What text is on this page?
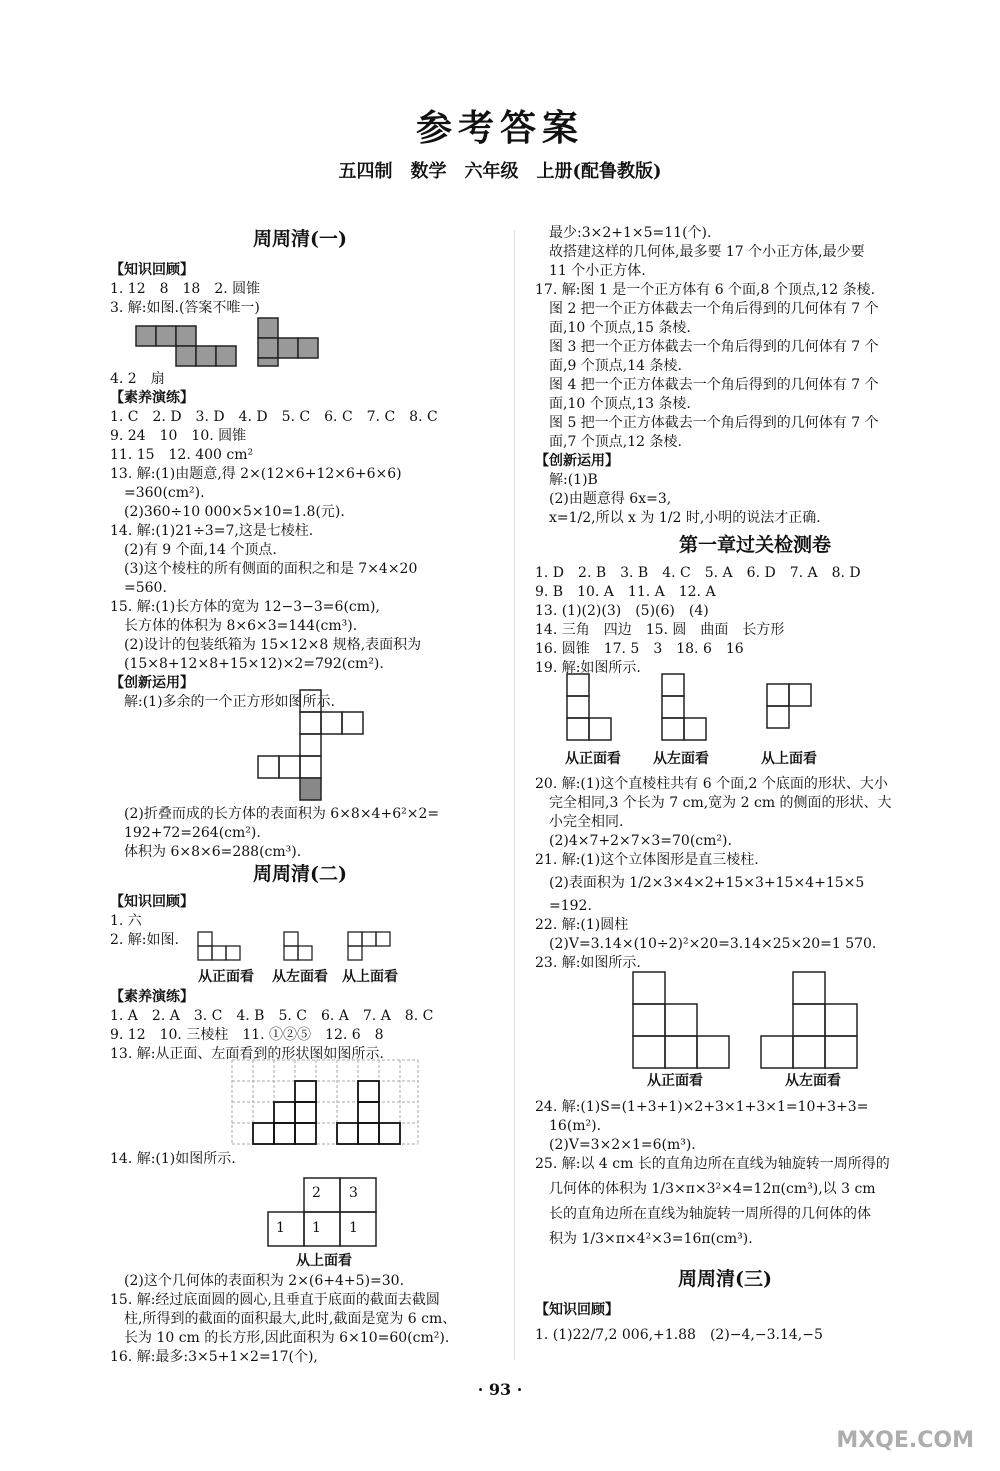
参考答案
五四制　数学　六年级　上册(配鲁教版)
周周清(一)
【知识回顾】
1. 12　8　18　2. 圆锥
3. 解:如图.(答案不唯一)
4. 2　扇
【素养演练】
1. C　2. D　3. D　4. D　5. C　6. C　7. C　8. C
9. 24　10　10. 圆锥
11. 15　12. 400 cm²
13. 解:(1)由题意,得 2×(12×6+12×6+6×6)
=360(cm²).
(2)360÷10 000×5×10=1.8(元).
14. 解:(1)21÷3=7,这是七棱柱.
(2)有 9 个面,14 个顶点.
(3)这个棱柱的所有侧面的面积之和是 7×4×20
=560.
15. 解:(1)长方体的宽为 12−3−3=6(cm),
长方体的体积为 8×6×3=144(cm³).
(2)设计的包装纸箱为 15×12×8 规格,表面积为
(15×8+12×8+15×12)×2=792(cm²).
【创新运用】
解:(1)多余的一个正方形如图所示.
(2)折叠而成的长方体的表面积为 6×8×4+6²×2=
192+72=264(cm²).
体积为 6×8×6=288(cm³).
周周清(二)
【知识回顾】
1. 六
2. 解:如图.
从正面看 从左面看 从上面看
【素养演练】
1. A　2. A　3. C　4. B　5. C　6. A　7. A　8. C
9. 12　10. 三棱柱　11. ①②⑤　12. 6　8
13. 解:从正面、左面看到的形状图如图所示.
14. 解:(1)如图所示.
2 3
1 1 1
从上面看
(2)这个几何体的表面积为 2×(6+4+5)=30.
15. 解:经过底面圆的圆心,且垂直于底面的截面去截圆
柱,所得到的截面的面积最大,此时,截面是宽为 6 cm、
长为 10 cm 的长方形,因此面积为 6×10=60(cm²).
16. 解:最多:3×5+1×2=17(个),
最少:3×2+1×5=11(个).
故搭建这样的几何体,最多要 17 个小正方体,最少要
11 个小正方体.
17. 解:图 1 是一个正方体有 6 个面,8 个顶点,12 条棱.
图 2 把一个正方体截去一个角后得到的几何体有 7 个
面,10 个顶点,15 条棱.
图 3 把一个正方体截去一个角后得到的几何体有 7 个
面,9 个顶点,14 条棱.
图 4 把一个正方体截去一个角后得到的几何体有 7 个
面,10 个顶点,13 条棱.
图 5 把一个正方体截去一个角后得到的几何体有 7 个
面,7 个顶点,12 条棱.
【创新运用】
解:(1)B
(2)由题意得 6x=3,
x=1/2,所以 x 为 1/2 时,小明的说法才正确.
第一章过关检测卷
1. D　2. B　3. B　4. C　5. A　6. D　7. A　8. D
9. B　10. A　11. A　12. A
13. (1)(2)(3)　(5)(6)　(4)
14. 三角　四边　15. 圆　曲面　长方形
16. 圆锥　17. 5　3　18. 6　16
19. 解:如图所示.
从正面看 从左面看	从上面看
20. 解:(1)这个直棱柱共有 6 个面,2 个底面的形状、大小
完全相同,3 个长为 7 cm,宽为 2 cm 的侧面的形状、大
小完全相同.
(2)4×7+2×7×3=70(cm²).
21. 解:(1)这个立体图形是直三棱柱.
(2)表面积为 1/2×3×4×2+15×3+15×4+15×5
=192.
22. 解:(1)圆柱
(2)V=3.14×(10÷2)²×20=3.14×25×20=1 570.
23. 解:如图所示.
从正面看	从左面看
24. 解:(1)S=(1+3+1)×2+3×1+3×1=10+3+3=
16(m²).
(2)V=3×2×1=6(m³).
25. 解:以 4 cm 长的直角边所在直线为轴旋转一周所得的
几何体的体积为 1/3×π×3²×4=12π(cm³),以 3 cm
长的直角边所在直线为轴旋转一周所得的几何体的体
积为 1/3×π×4²×3=16π(cm³).
周周清(三)
【知识回顾】
1. (1)22/7,2 006,+1.88　(2)−4,−3.14,−5
· 93 ·
MXQE.COM
